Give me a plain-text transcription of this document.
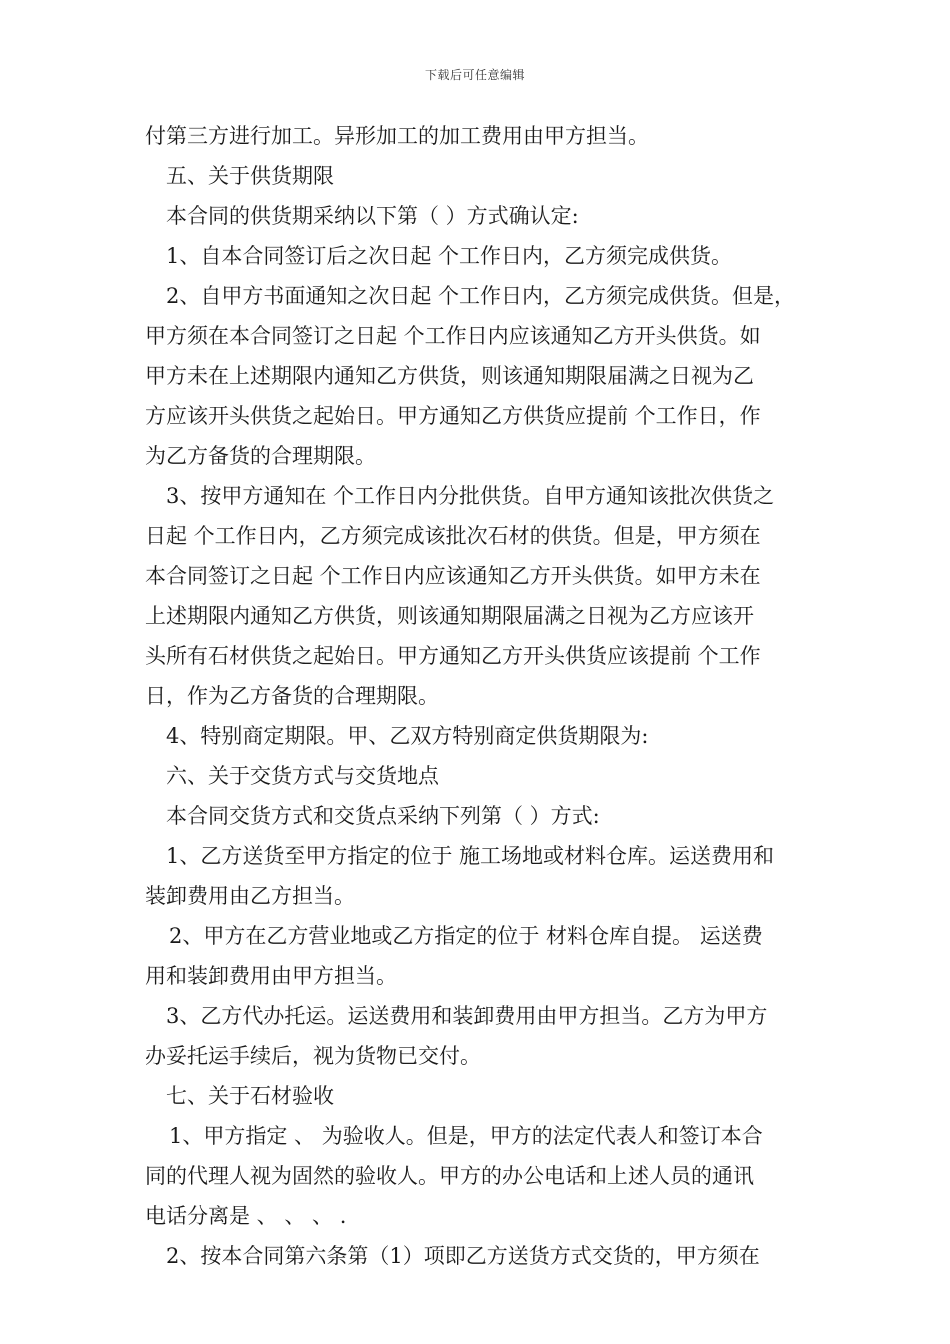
下载后可任意编辑
付第三方进行加工。异形加工的加工费用由甲方担当。
五、关于供货期限
本合同的供货期采纳以下第（ ）方式确认定:
1、自本合同签订后之次日起 个工作日内，乙方须完成供货。
2、自甲方书面通知之次日起 个工作日内，乙方须完成供货。但是，
甲方须在本合同签订之日起 个工作日内应该通知乙方开头供货。如
甲方未在上述期限内通知乙方供货，则该通知期限届满之日视为乙
方应该开头供货之起始日。甲方通知乙方供货应提前 个工作日，作
为乙方备货的合理期限。
3、按甲方通知在 个工作日内分批供货。自甲方通知该批次供货之
日起 个工作日内，乙方须完成该批次石材的供货。但是，甲方须在
本合同签订之日起 个工作日内应该通知乙方开头供货。如甲方未在
上述期限内通知乙方供货，则该通知期限届满之日视为乙方应该开
头所有石材供货之起始日。甲方通知乙方开头供货应该提前 个工作
日，作为乙方备货的合理期限。
4、特别商定期限。甲、乙双方特别商定供货期限为:
六、关于交货方式与交货地点
本合同交货方式和交货点采纳下列第（ ）方式:
1、乙方送货至甲方指定的位于 施工场地或材料仓库。运送费用和
装卸费用由乙方担当。
2、甲方在乙方营业地或乙方指定的位于 材料仓库自提。 运送费
用和装卸费用由甲方担当。
3、乙方代办托运。运送费用和装卸费用由甲方担当。乙方为甲方
办妥托运手续后，视为货物已交付。
七、关于石材验收
1、甲方指定 、 为验收人。但是，甲方的法定代表人和签订本合
同的代理人视为固然的验收人。甲方的办公电话和上述人员的通讯
电话分离是 、 、 、 .
2、按本合同第六条第（1）项即乙方送货方式交货的，甲方须在
